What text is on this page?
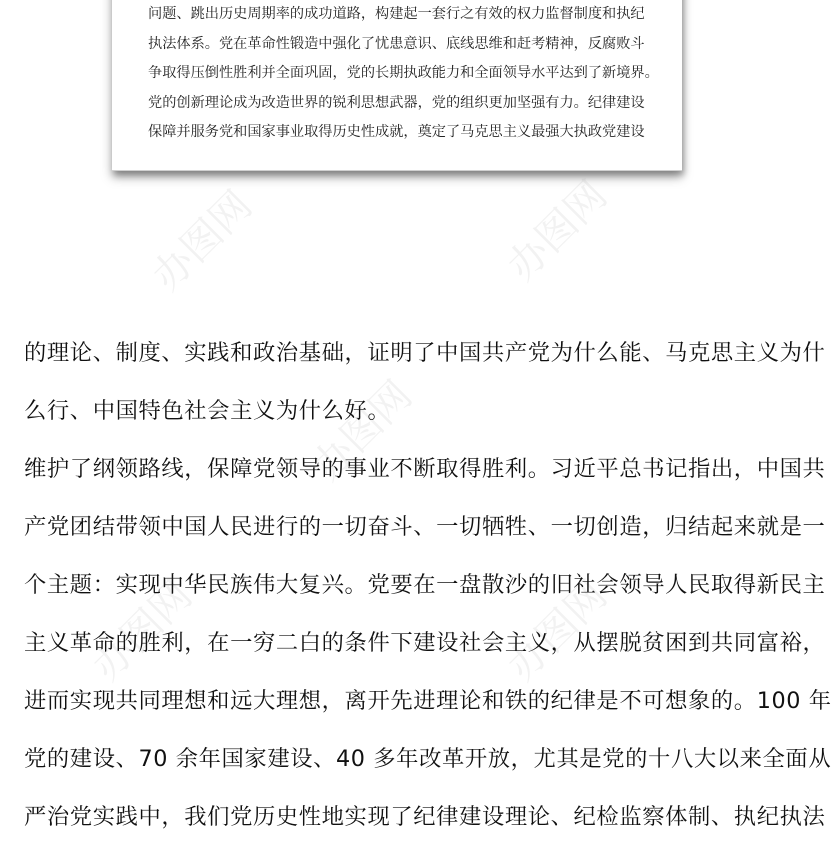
问题、跳出历史周期率的成功道路，构建起一套行之有效的权力监督制度和执纪
执法体系。党在革命性锻造中强化了忧患意识、底线思维和赶考精神，反腐败斗
争取得压倒性胜利并全面巩固，党的长期执政能力和全面领导水平达到了新境界。
党的创新理论成为改造世界的锐利思想武器，党的组织更加坚强有力。纪律建设
保障并服务党和国家事业取得历史性成就，奠定了马克思主义最强大执政党建设
办图网	办图网
办图网
办图网	办图网
的理论、制度、实践和政治基础，证明了中国共产党为什么能、马克思主义为什
么行、中国特色社会主义为什么好。
维护了纲领路线，保障党领导的事业不断取得胜利。习近平总书记指出，中国共
产党团结带领中国人民进行的一切奋斗、一切牺牲、一切创造，归结起来就是一
个主题：实现中华民族伟大复兴。党要在一盘散沙的旧社会领导人民取得新民主
主义革命的胜利，在一穷二白的条件下建设社会主义，从摆脱贫困到共同富裕，
进而实现共同理想和远大理想，离开先进理论和铁的纪律是不可想象的。100 年
党的建设、70 余年国家建设、40 多年改革开放，尤其是党的十八大以来全面从
严治党实践中，我们党历史性地实现了纪律建设理论、纪检监察体制、执纪执法
